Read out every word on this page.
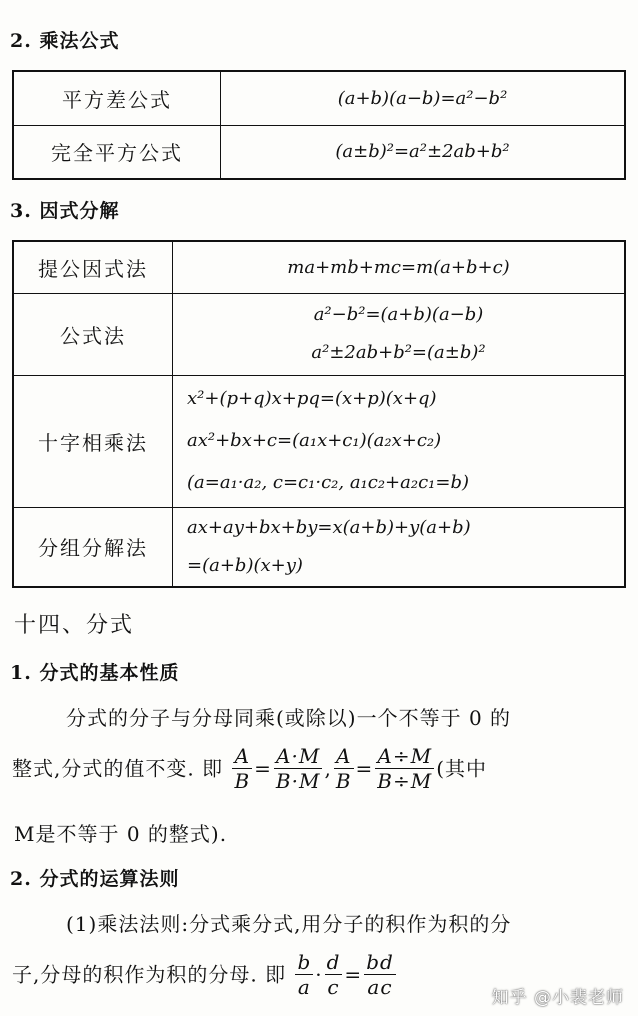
2. 乘法公式
平方差公式	(a+b)(a−b)=a²−b²
完全平方公式	(a±b)²=a²±2ab+b²
3. 因式分解
提公因式法	ma+mb+mc=m(a+b+c)

公式法	a²−b²=(a+b)(a−b)
a²±2ab+b²=(a±b)²

十字相乘法	x²+(p+q)x+pq=(x+p)(x+q)
ax²+bx+c=(a₁x+c₁)(a₂x+c₂)
(a=a₁·a₂, c=c₁·c₂, a₁c₂+a₂c₁=b)

分组分解法	ax+ay+bx+by=x(a+b)+y(a+b)
=(a+b)(x+y)
十四、分式
1. 分式的基本性质
分式的分子与分母同乘(或除以)一个不等于 0 的
整式,分式的值不变. 即 $\frac{A}{B} = \frac{A\cdot M}{B\cdot M}$ , $\frac{A}{B} = \frac{A\div M}{B\div M}$ (其中
M是不等于 0 的整式).
2. 分式的运算法则
(1)乘法法则:分式乘分式,用分子的积作为积的分
子,分母的积作为积的分母. 即 $\frac{b}{a} \cdot \frac{d}{c} = \frac{bd}{ac}$	知乎 @小裴老师
